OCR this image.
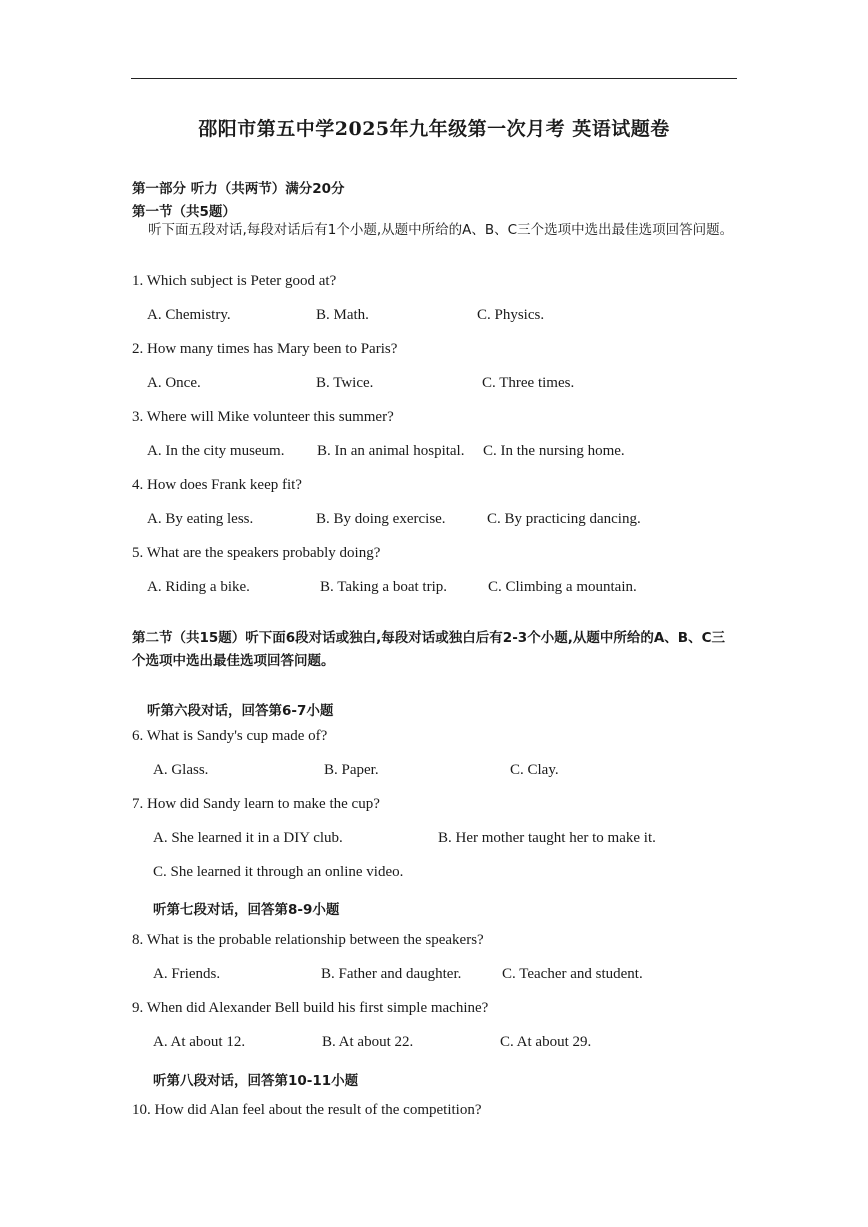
邵阳市第五中学2025年九年级第一次月考 英语试题卷
第一部分 听力（共两节）满分20分
第一节（共5题）
听下面五段对话,每段对话后有1个小题,从题中所给的A、B、C三个选项中选出最佳选项回答问题。
1. Which subject is Peter good at?
A. Chemistry.	B. Math.	C. Physics.
2. How many times has Mary been to Paris?
A. Once.	B. Twice.	C. Three times.
3. Where will Mike volunteer this summer?
A. In the city museum. B. In an animal hospital. C. In the nursing home.
4. How does Frank keep fit?
A. By eating less.	B. By doing exercise.	C. By practicing dancing.
5. What are the speakers probably doing?
A. Riding a bike.	B. Taking a boat trip.	C. Climbing a mountain.
第二节（共15题）听下面6段对话或独白,每段对话或独白后有2-3个小题,从题中所给的A、B、C三个选项中选出最佳选项回答问题。
听第六段对话，回答第6-7小题
6. What is Sandy's cup made of?
A. Glass.	B. Paper.	C. Clay.
7. How did Sandy learn to make the cup?
A. She learned it in a DIY club.	B. Her mother taught her to make it.
C. She learned it through an online video.
听第七段对话，回答第8-9小题
8. What is the probable relationship between the speakers?
A. Friends.	B. Father and daughter.	C. Teacher and student.
9. When did Alexander Bell build his first simple machine?
A. At about 12.	B. At about 22.	C. At about 29.
听第八段对话，回答第10-11小题
10. How did Alan feel about the result of the competition?
